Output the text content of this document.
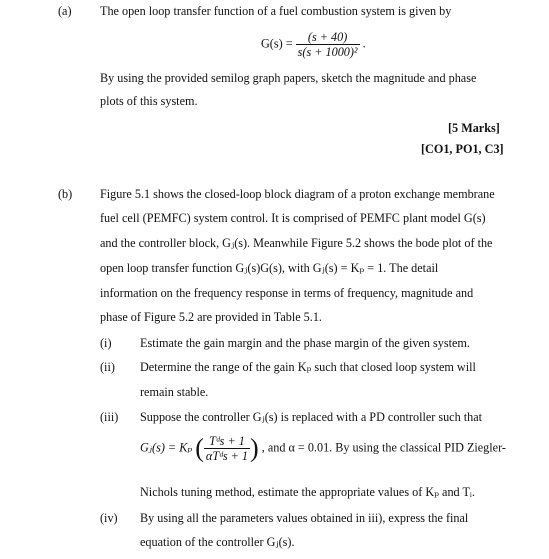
(a) The open loop transfer function of a fuel combustion system is given by
$G(s) = \frac{(s + 40)}{\text{s(s + 1000)²}}$ .
By using the provided semilog graph papers, sketch the magnitude and phase
plots of this system.
[5 Marks]
[CO1, PO1, C3]
(b) Figure 5.1 shows the closed-loop block diagram of a proton exchange membrane
fuel cell (PEMFC) system control. It is comprised of PEMFC plant model G(s)
and the controller block, Gⱼ(s). Meanwhile Figure 5.2 shows the bode plot of the
open loop transfer function Gⱼ(s)G(s), with Gⱼ(s) = Kₚ = 1. The detail
information on the frequency response in terms of frequency, magnitude and
phase of Figure 5.2 are provided in Table 5.1.
(i) Estimate the gain margin and the phase margin of the given system.
(ii) Determine the range of the gain Kₚ such that closed loop system will
remain stable.
(iii) Suppose the controller Gⱼ(s) is replaced with a PD controller such that
Gⱼ(s) = Kₚ ( $\frac{\text{Tᵈs + 1}}{\text{αTᵈs + 1}}$ ) , and α = 0.01. By using the classical PID Ziegler-
Nichols tuning method, estimate the appropriate values of Kₚ and Tᵢ.
(iv) By using all the parameters values obtained in iii), express the final
equation of the controller Gⱼ(s).
